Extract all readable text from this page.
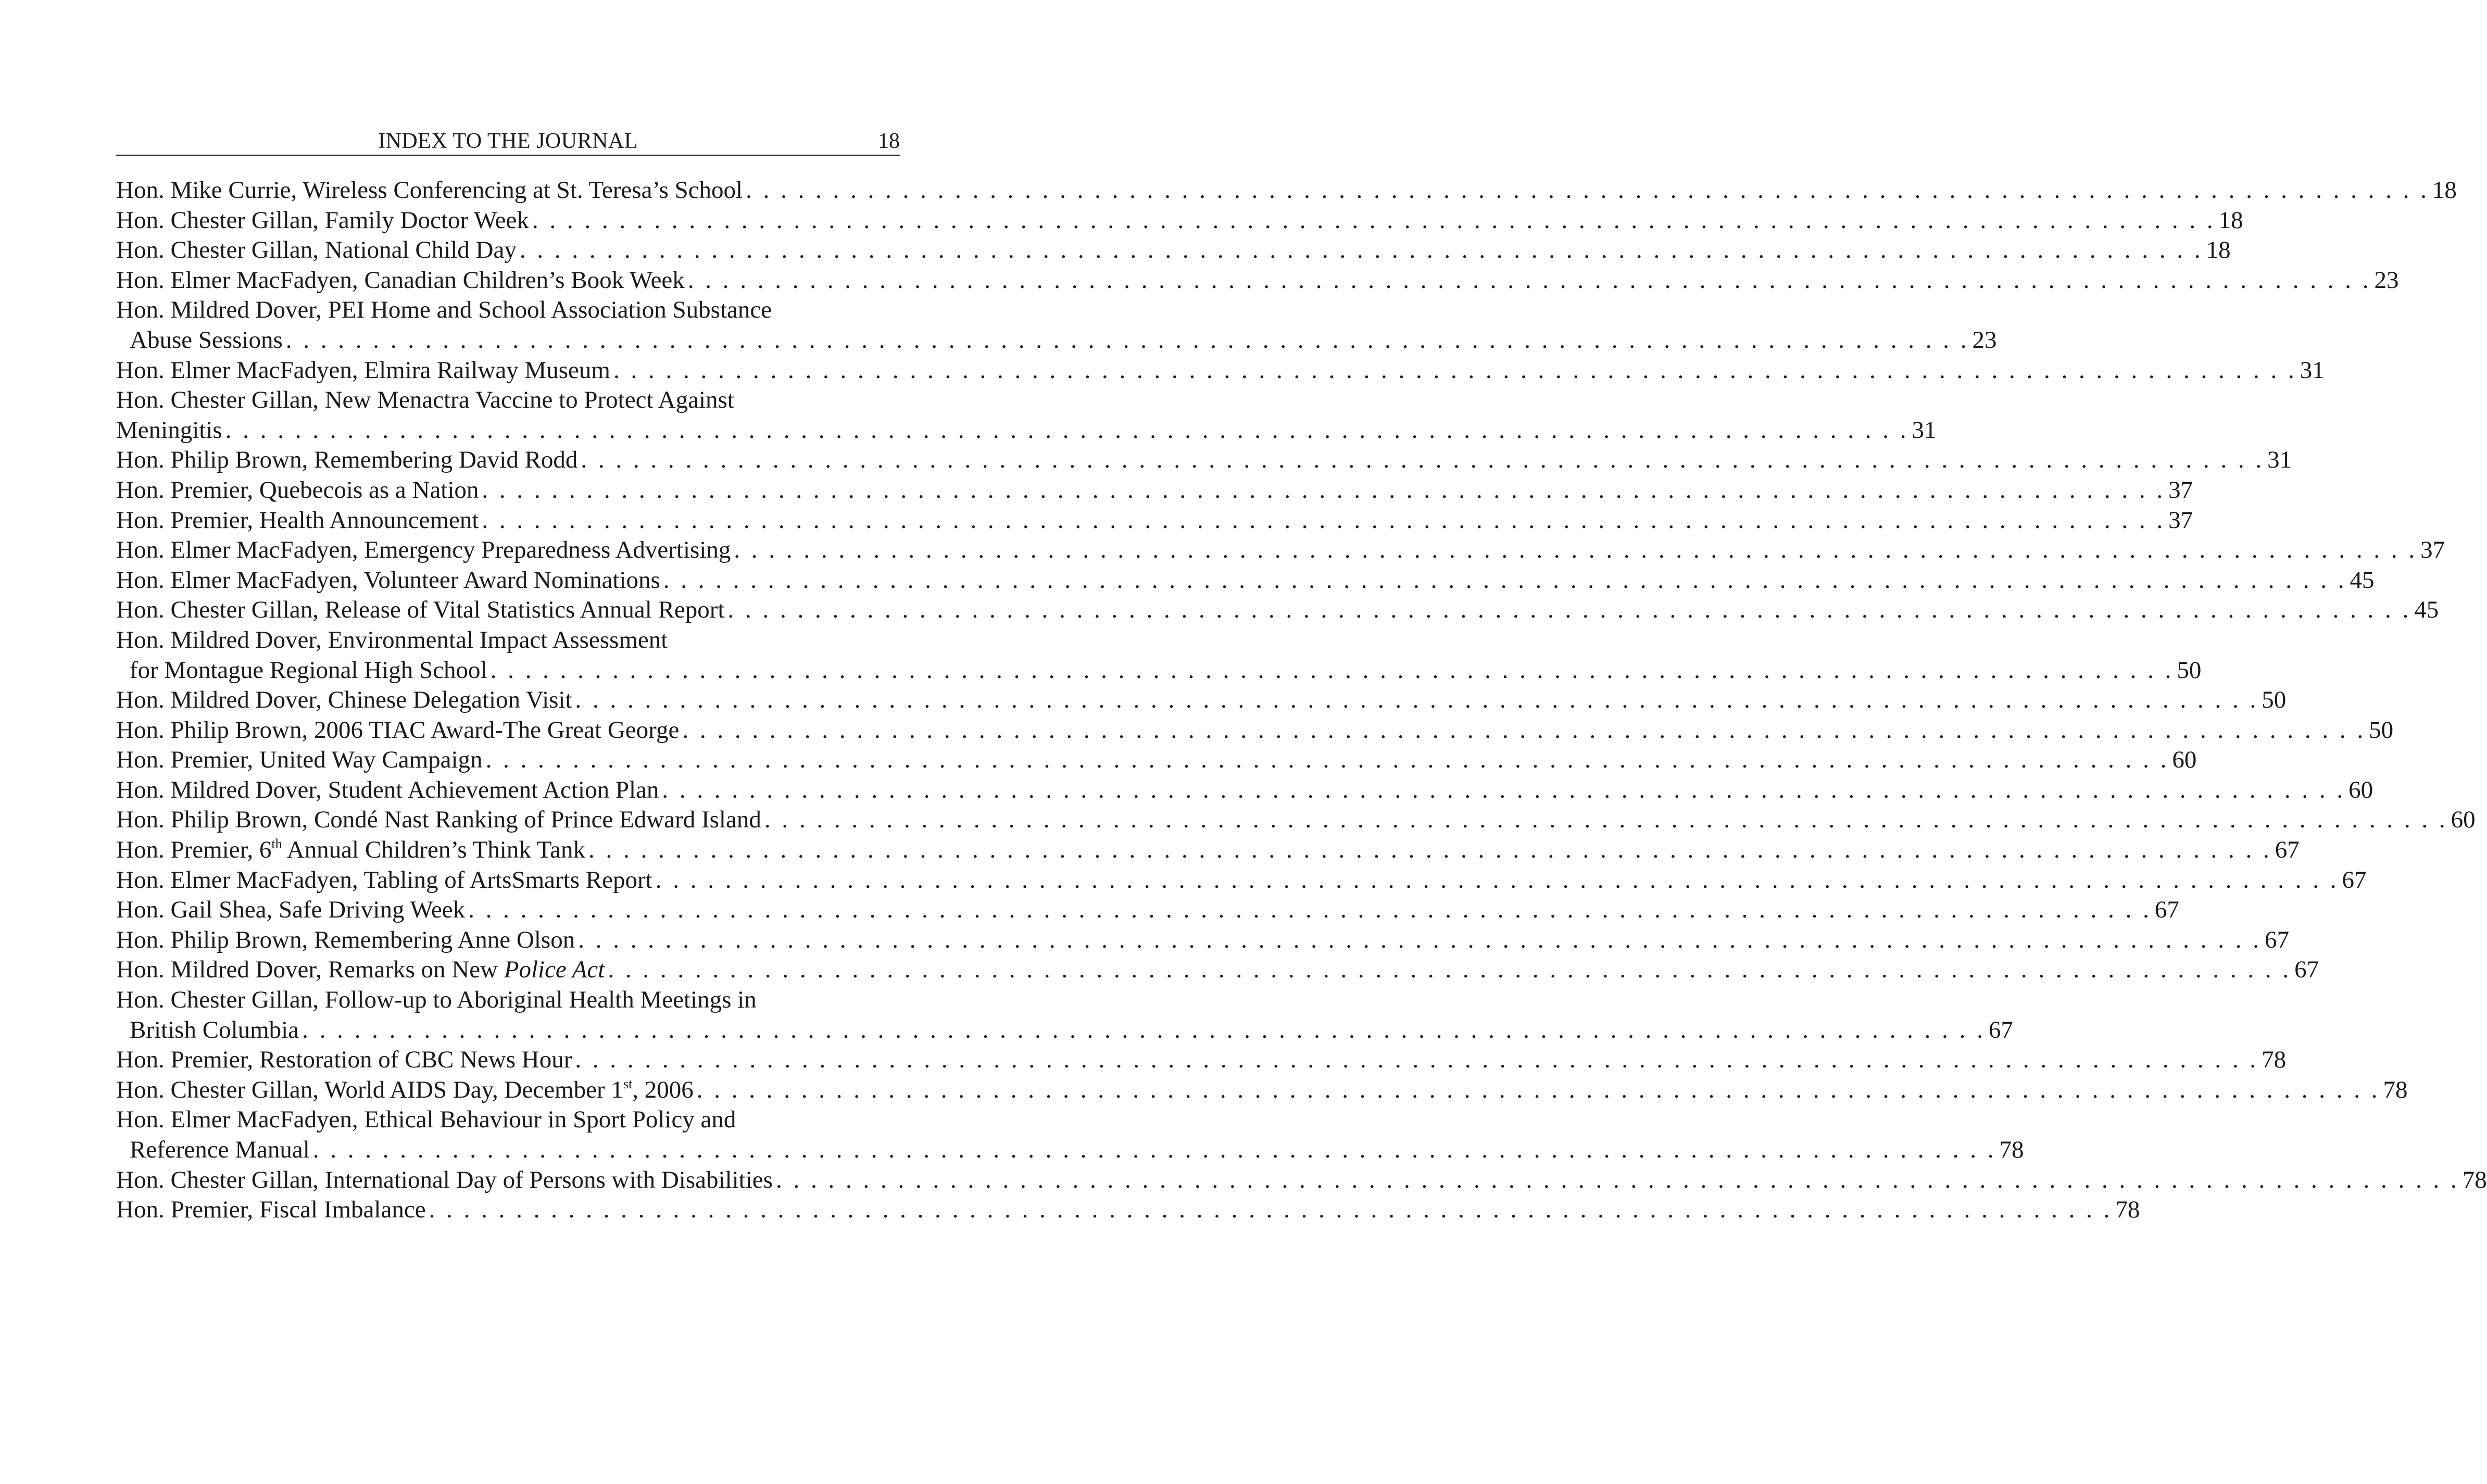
INDEX TO THE JOURNAL	18
Hon. Mike Currie, Wireless Conferencing at St. Teresa’s School . . . . . . . . . . . . . . . . . . . . . . . . . . . . . . . . . . . . . . . . . . . . . . . . . . . . . . . . . . . . . . . . . . . . . . . . . . . . . . . . . . . . . . . . . . . . . . . . . 18
Hon. Chester Gillan, Family Doctor Week . . . . . . . . . . . . . . . . . . . . . . . . . . . . . . . . . . . . . . . . . . . . . . . . . . . . . . . . . . . . . . . . . . . . . . . . . . . . . . . . . . . . . . . . . . . . . . . . . 18
Hon. Chester Gillan, National Child Day . . . . . . . . . . . . . . . . . . . . . . . . . . . . . . . . . . . . . . . . . . . . . . . . . . . . . . . . . . . . . . . . . . . . . . . . . . . . . . . . . . . . . . . . . . . . . . . . . 18
Hon. Elmer MacFadyen, Canadian Children’s Book Week . . . . . . . . . . . . . . . . . . . . . . . . . . . . . . . . . . . . . . . . . . . . . . . . . . . . . . . . . . . . . . . . . . . . . . . . . . . . . . . . . . . . . . . . . . . . . . . . . 23
Hon. Mildred Dover, PEI Home and School Association Substance
Abuse Sessions . . . . . . . . . . . . . . . . . . . . . . . . . . . . . . . . . . . . . . . . . . . . . . . . . . . . . . . . . . . . . . . . . . . . . . . . . . . . . . . . . . . . . . . . . . . . . . . . . 23
Hon. Elmer MacFadyen, Elmira Railway Museum . . . . . . . . . . . . . . . . . . . . . . . . . . . . . . . . . . . . . . . . . . . . . . . . . . . . . . . . . . . . . . . . . . . . . . . . . . . . . . . . . . . . . . . . . . . . . . . . . 31
Hon. Chester Gillan, New Menactra Vaccine to Protect Against
Meningitis . . . . . . . . . . . . . . . . . . . . . . . . . . . . . . . . . . . . . . . . . . . . . . . . . . . . . . . . . . . . . . . . . . . . . . . . . . . . . . . . . . . . . . . . . . . . . . . . . 31
Hon. Philip Brown, Remembering David Rodd . . . . . . . . . . . . . . . . . . . . . . . . . . . . . . . . . . . . . . . . . . . . . . . . . . . . . . . . . . . . . . . . . . . . . . . . . . . . . . . . . . . . . . . . . . . . . . . . . 31
Hon. Premier, Quebecois as a Nation . . . . . . . . . . . . . . . . . . . . . . . . . . . . . . . . . . . . . . . . . . . . . . . . . . . . . . . . . . . . . . . . . . . . . . . . . . . . . . . . . . . . . . . . . . . . . . . . . 37
Hon. Premier, Health Announcement . . . . . . . . . . . . . . . . . . . . . . . . . . . . . . . . . . . . . . . . . . . . . . . . . . . . . . . . . . . . . . . . . . . . . . . . . . . . . . . . . . . . . . . . . . . . . . . . . 37
Hon. Elmer MacFadyen, Emergency Preparedness Advertising . . . . . . . . . . . . . . . . . . . . . . . . . . . . . . . . . . . . . . . . . . . . . . . . . . . . . . . . . . . . . . . . . . . . . . . . . . . . . . . . . . . . . . . . . . . . . . . . . 37
Hon. Elmer MacFadyen, Volunteer Award Nominations . . . . . . . . . . . . . . . . . . . . . . . . . . . . . . . . . . . . . . . . . . . . . . . . . . . . . . . . . . . . . . . . . . . . . . . . . . . . . . . . . . . . . . . . . . . . . . . . . 45
Hon. Chester Gillan, Release of Vital Statistics Annual Report . . . . . . . . . . . . . . . . . . . . . . . . . . . . . . . . . . . . . . . . . . . . . . . . . . . . . . . . . . . . . . . . . . . . . . . . . . . . . . . . . . . . . . . . . . . . . . . . . 45
Hon. Mildred Dover, Environmental Impact Assessment
for Montague Regional High School . . . . . . . . . . . . . . . . . . . . . . . . . . . . . . . . . . . . . . . . . . . . . . . . . . . . . . . . . . . . . . . . . . . . . . . . . . . . . . . . . . . . . . . . . . . . . . . . . 50
Hon. Mildred Dover, Chinese Delegation Visit . . . . . . . . . . . . . . . . . . . . . . . . . . . . . . . . . . . . . . . . . . . . . . . . . . . . . . . . . . . . . . . . . . . . . . . . . . . . . . . . . . . . . . . . . . . . . . . . . 50
Hon. Philip Brown, 2006 TIAC Award-The Great George . . . . . . . . . . . . . . . . . . . . . . . . . . . . . . . . . . . . . . . . . . . . . . . . . . . . . . . . . . . . . . . . . . . . . . . . . . . . . . . . . . . . . . . . . . . . . . . . . 50
Hon. Premier, United Way Campaign . . . . . . . . . . . . . . . . . . . . . . . . . . . . . . . . . . . . . . . . . . . . . . . . . . . . . . . . . . . . . . . . . . . . . . . . . . . . . . . . . . . . . . . . . . . . . . . . . 60
Hon. Mildred Dover, Student Achievement Action Plan . . . . . . . . . . . . . . . . . . . . . . . . . . . . . . . . . . . . . . . . . . . . . . . . . . . . . . . . . . . . . . . . . . . . . . . . . . . . . . . . . . . . . . . . . . . . . . . . . 60
Hon. Philip Brown, Condé Nast Ranking of Prince Edward Island . . . . . . . . . . . . . . . . . . . . . . . . . . . . . . . . . . . . . . . . . . . . . . . . . . . . . . . . . . . . . . . . . . . . . . . . . . . . . . . . . . . . . . . . . . . . . . . . . 60
Hon. Premier, 6th Annual Children’s Think Tank . . . . . . . . . . . . . . . . . . . . . . . . . . . . . . . . . . . . . . . . . . . . . . . . . . . . . . . . . . . . . . . . . . . . . . . . . . . . . . . . . . . . . . . . . . . . . . . . . 67
Hon. Elmer MacFadyen, Tabling of ArtsSmarts Report . . . . . . . . . . . . . . . . . . . . . . . . . . . . . . . . . . . . . . . . . . . . . . . . . . . . . . . . . . . . . . . . . . . . . . . . . . . . . . . . . . . . . . . . . . . . . . . . . 67
Hon. Gail Shea, Safe Driving Week . . . . . . . . . . . . . . . . . . . . . . . . . . . . . . . . . . . . . . . . . . . . . . . . . . . . . . . . . . . . . . . . . . . . . . . . . . . . . . . . . . . . . . . . . . . . . . . . . 67
Hon. Philip Brown, Remembering Anne Olson . . . . . . . . . . . . . . . . . . . . . . . . . . . . . . . . . . . . . . . . . . . . . . . . . . . . . . . . . . . . . . . . . . . . . . . . . . . . . . . . . . . . . . . . . . . . . . . . . 67
Hon. Mildred Dover, Remarks on New Police Act . . . . . . . . . . . . . . . . . . . . . . . . . . . . . . . . . . . . . . . . . . . . . . . . . . . . . . . . . . . . . . . . . . . . . . . . . . . . . . . . . . . . . . . . . . . . . . . . . 67
Hon. Chester Gillan, Follow-up to Aboriginal Health Meetings in
British Columbia . . . . . . . . . . . . . . . . . . . . . . . . . . . . . . . . . . . . . . . . . . . . . . . . . . . . . . . . . . . . . . . . . . . . . . . . . . . . . . . . . . . . . . . . . . . . . . . . . 67
Hon. Premier, Restoration of CBC News Hour . . . . . . . . . . . . . . . . . . . . . . . . . . . . . . . . . . . . . . . . . . . . . . . . . . . . . . . . . . . . . . . . . . . . . . . . . . . . . . . . . . . . . . . . . . . . . . . . . 78
Hon. Chester Gillan, World AIDS Day, December 1st, 2006 . . . . . . . . . . . . . . . . . . . . . . . . . . . . . . . . . . . . . . . . . . . . . . . . . . . . . . . . . . . . . . . . . . . . . . . . . . . . . . . . . . . . . . . . . . . . . . . . . 78
Hon. Elmer MacFadyen, Ethical Behaviour in Sport Policy and
Reference Manual . . . . . . . . . . . . . . . . . . . . . . . . . . . . . . . . . . . . . . . . . . . . . . . . . . . . . . . . . . . . . . . . . . . . . . . . . . . . . . . . . . . . . . . . . . . . . . . . . 78
Hon. Chester Gillan, International Day of Persons with Disabilities . . . . . . . . . . . . . . . . . . . . . . . . . . . . . . . . . . . . . . . . . . . . . . . . . . . . . . . . . . . . . . . . . . . . . . . . . . . . . . . . . . . . . . . . . . . . . . . . . 78
Hon. Premier, Fiscal Imbalance . . . . . . . . . . . . . . . . . . . . . . . . . . . . . . . . . . . . . . . . . . . . . . . . . . . . . . . . . . . . . . . . . . . . . . . . . . . . . . . . . . . . . . . . . . . . . . . . . 78
